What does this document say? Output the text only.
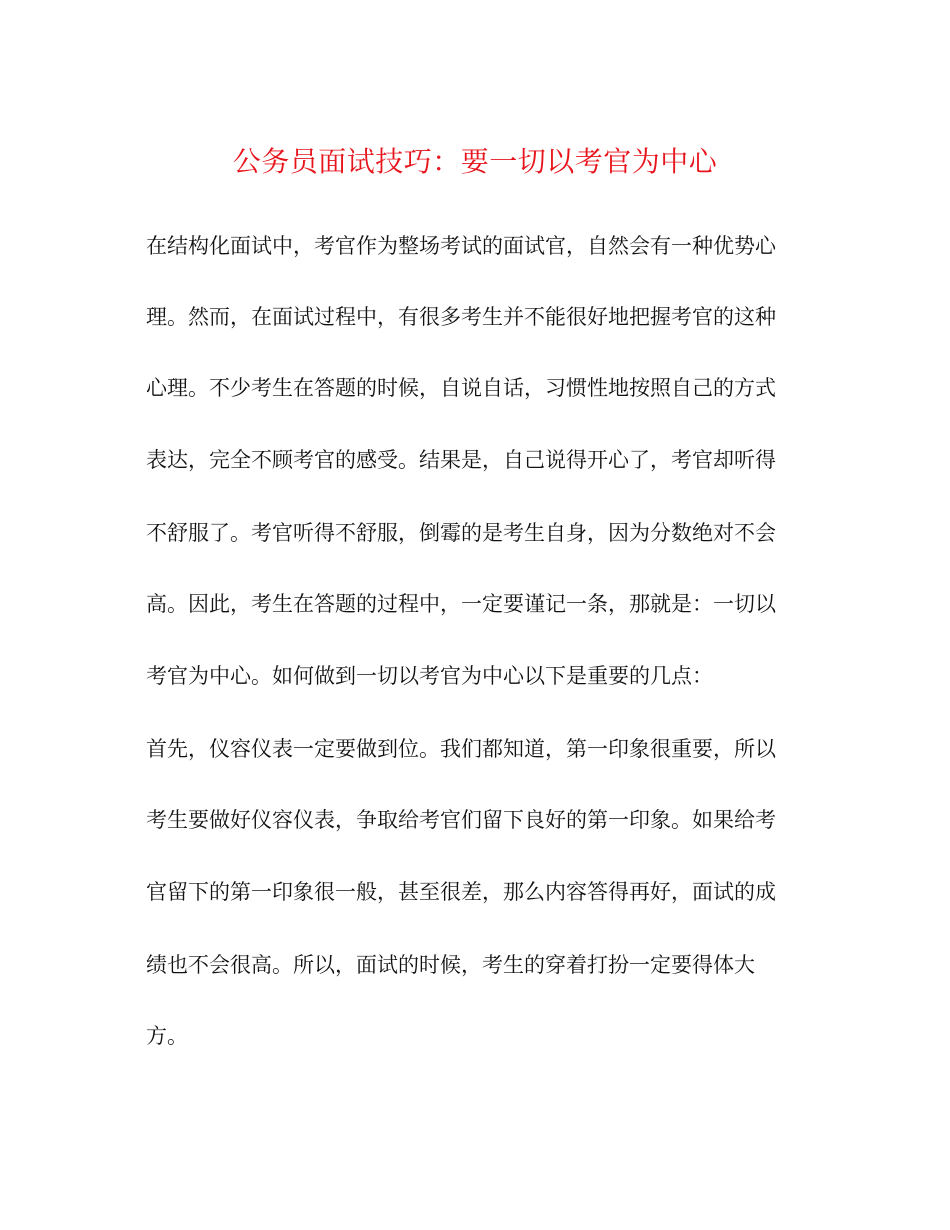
公务员面试技巧：要一切以考官为中心

在结构化面试中，考官作为整场考试的面试官，自然会有一种优势心

理。然而，在面试过程中，有很多考生并不能很好地把握考官的这种

心理。不少考生在答题的时候，自说自话，习惯性地按照自己的方式

表达，完全不顾考官的感受。结果是，自己说得开心了，考官却听得

不舒服了。考官听得不舒服，倒霉的是考生自身，因为分数绝对不会

高。因此，考生在答题的过程中，一定要谨记一条，那就是：一切以

考官为中心。如何做到一切以考官为中心以下是重要的几点：

首先，仪容仪表一定要做到位。我们都知道，第一印象很重要，所以

考生要做好仪容仪表，争取给考官们留下良好的第一印象。如果给考

官留下的第一印象很一般，甚至很差，那么内容答得再好，面试的成

绩也不会很高。所以，面试的时候，考生的穿着打扮一定要得体大

方。
